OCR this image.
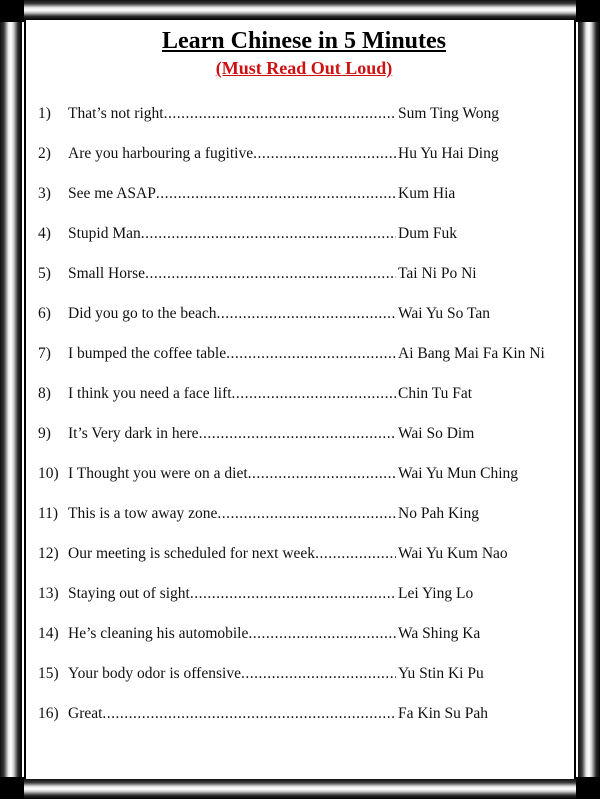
Learn Chinese in 5 Minutes
(Must Read Out Loud)
1)	That’s not right .....	Sum Ting Wong
2)	Are you harbouring a fugitive .....	Hu Yu Hai Ding
3)	See me ASAP .....	Kum Hia
4)	Stupid Man .....	Dum Fuk
5)	Small Horse .....	Tai Ni Po Ni
6)	Did you go to the beach .....	Wai Yu So Tan
7)	I bumped the coffee table .....	Ai Bang Mai Fa Kin Ni
8)	I think you need a face lift .....	Chin Tu Fat
9)	It’s Very dark in here .....	Wai So Dim
10) I Thought you were on a diet .....	Wai Yu Mun Ching
11) This is a tow away zone .....	No Pah King
12) Our meeting is scheduled for next week .....	Wai Yu Kum Nao
13) Staying out of sight .....	Lei Ying Lo
14) He’s cleaning his automobile .....	Wa Shing Ka
15) Your body odor is offensive .....	Yu Stin Ki Pu
16) Great .....	Fa Kin Su Pah
